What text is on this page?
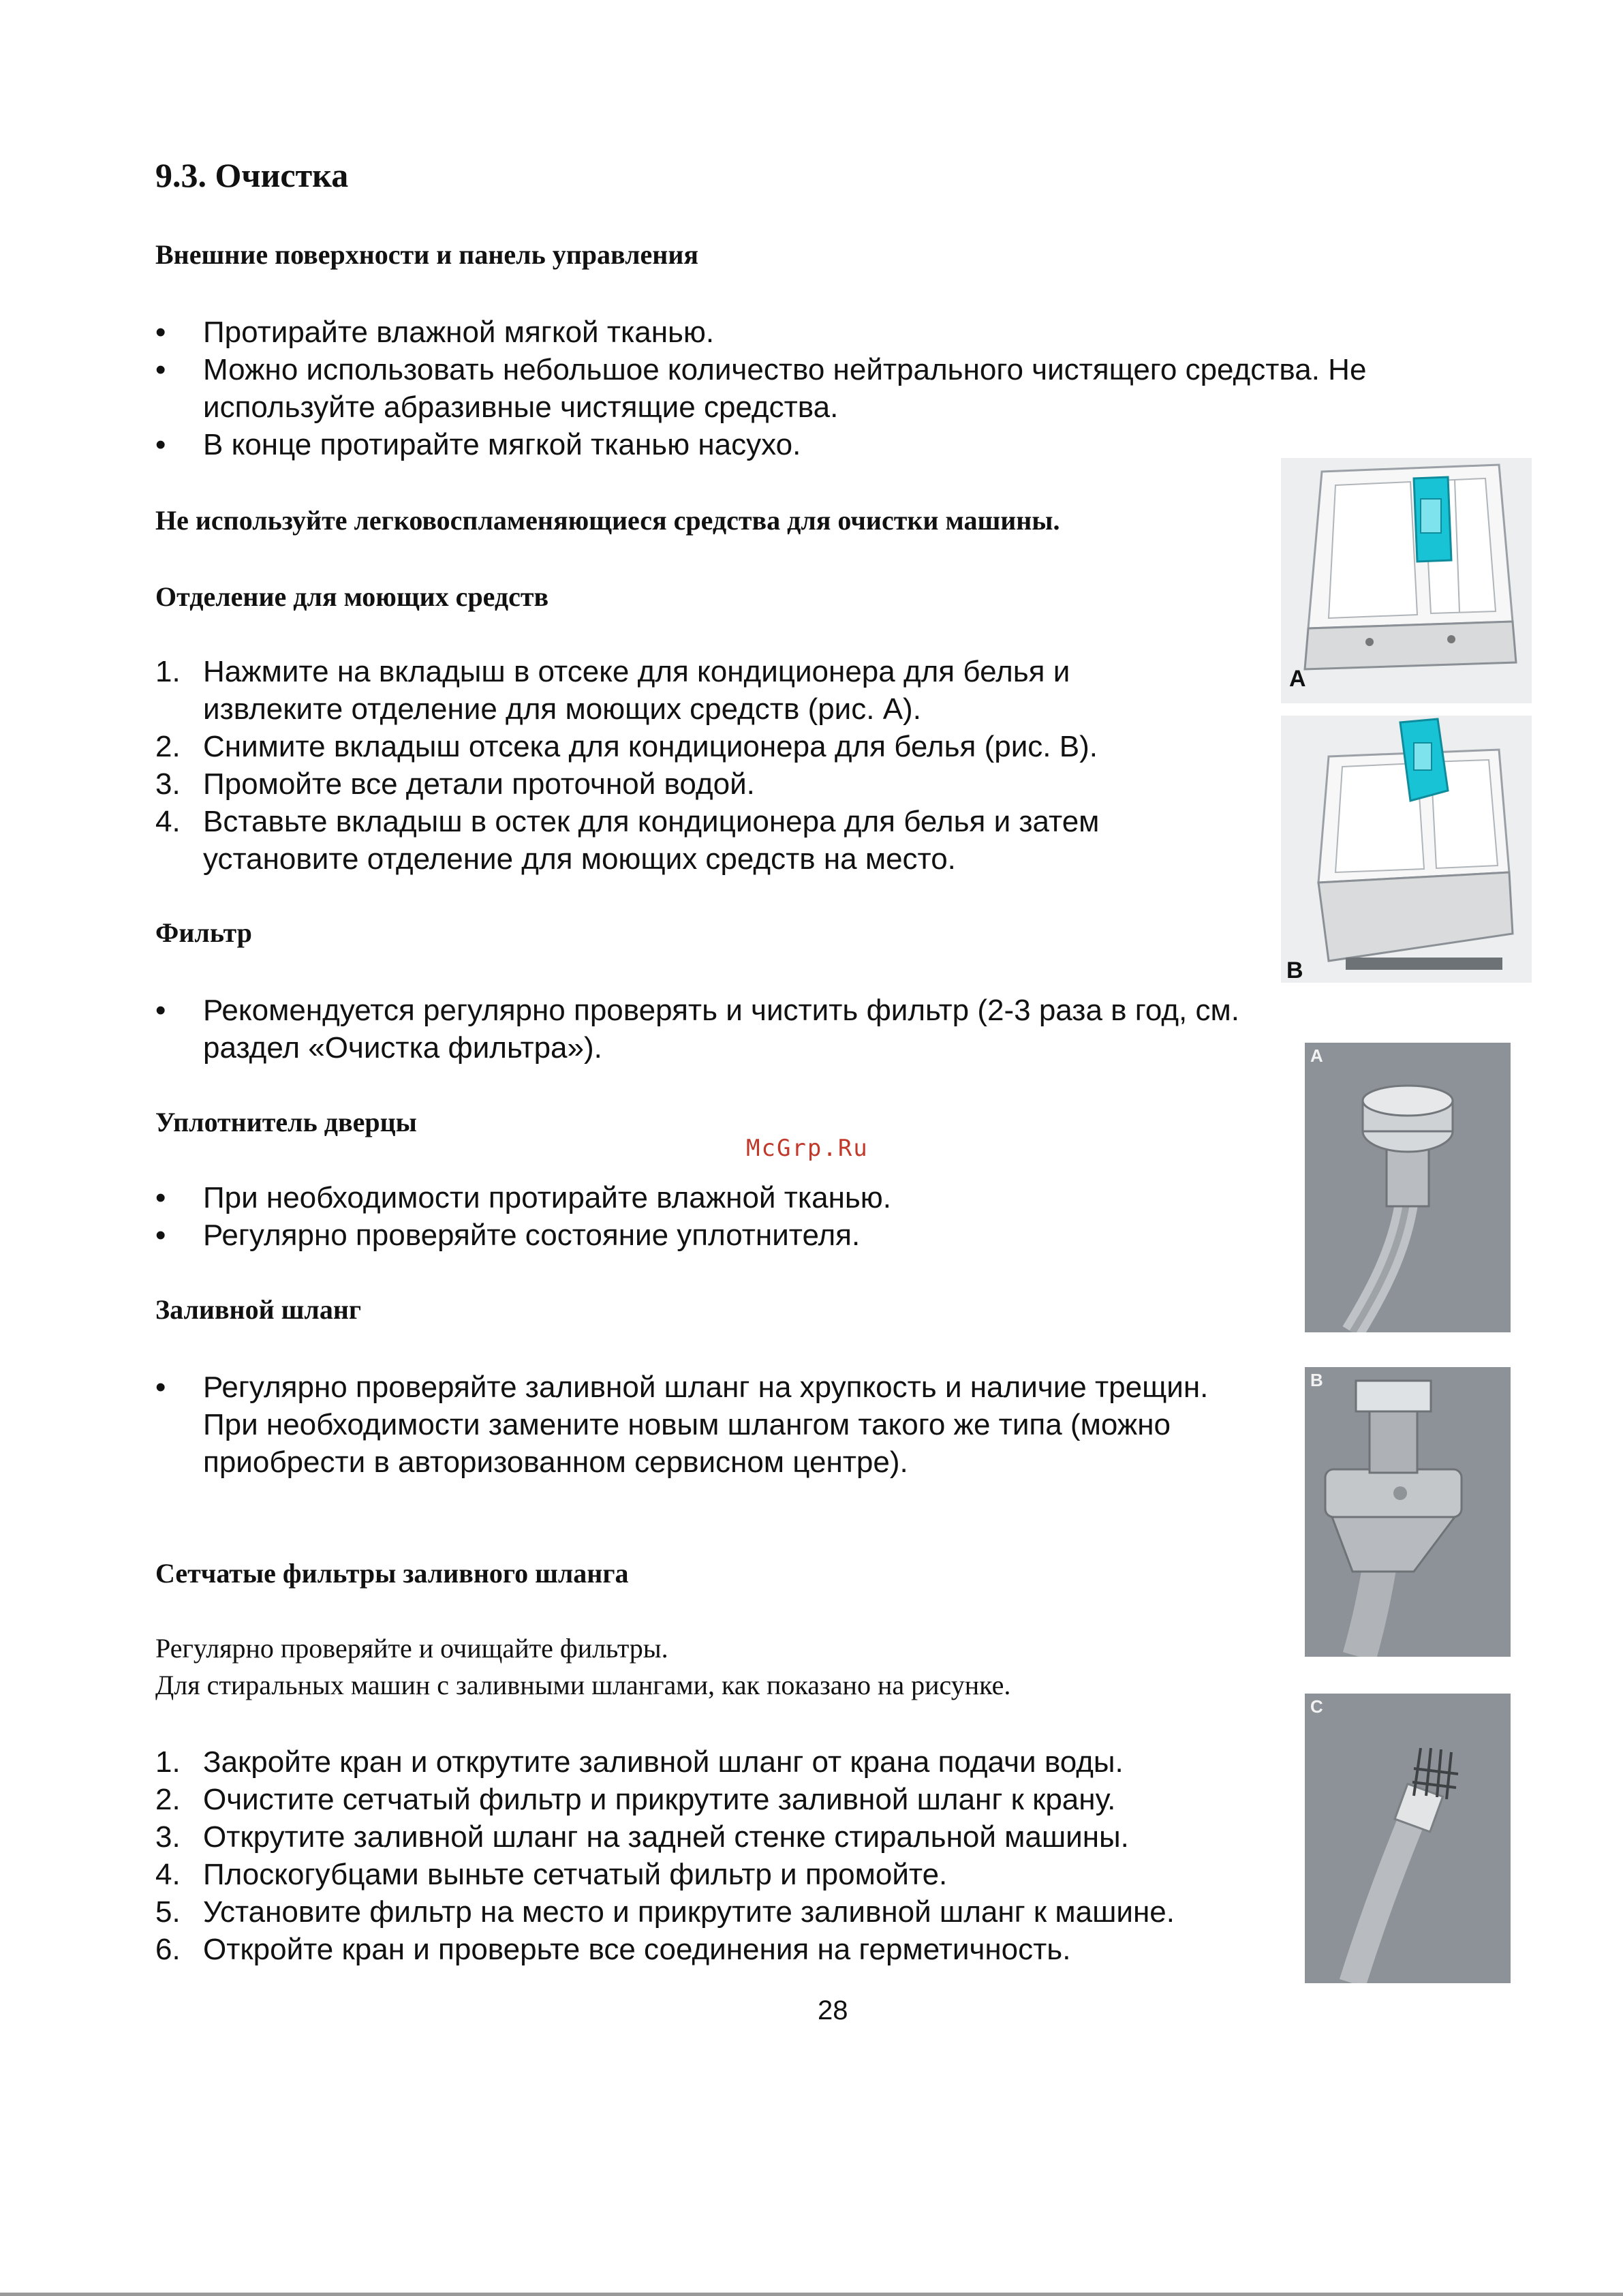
9.3. Очистка
Внешние поверхности и панель управления
• Протирайте влажной мягкой тканью.
• Можно использовать небольшое количество нейтрального чистящего средства. Не используйте абразивные чистящие средства.
• В конце протирайте мягкой тканью насухо.
Не используйте легковоспламеняющиеся средства для очистки машины.
Отделение для моющих средств
1. Нажмите на вкладыш в отсеке для кондиционера для белья и извлеките отделение для моющих средств (рис. А).
2. Снимите вкладыш отсека для кондиционера для белья (рис. В).
3. Промойте все детали проточной водой.
4. Вставьте вкладыш в остек для кондиционера для белья и затем установите отделение для моющих средств на место.
Фильтр
• Рекомендуется регулярно проверять и чистить фильтр (2-3 раза в год, см. раздел «Очистка фильтра»).
Уплотнитель дверцы
McGrp.Ru
• При необходимости протирайте влажной тканью.
• Регулярно проверяйте состояние уплотнителя.
Заливной шланг
• Регулярно проверяйте заливной шланг на хрупкость и наличие трещин. При необходимости замените новым шлангом такого же типа (можно приобрести в авторизованном сервисном центре).
Сетчатые фильтры заливного шланга
Регулярно проверяйте и очищайте фильтры.
Для стиральных машин с заливными шлангами, как показано на рисунке.
1. Закройте кран и открутите заливной шланг от крана подачи воды.
2. Очистите сетчатый фильтр и прикрутите заливной шланг к крану.
3. Открутите заливной шланг на задней стенке стиральной машины.
4. Плоскогубцами выньте сетчатый фильтр и промойте.
5. Установите фильтр на место и прикрутите заливной шланг к машине.
6. Откройте кран и проверьте все соединения на герметичность.
28
A
B
A
B
C
